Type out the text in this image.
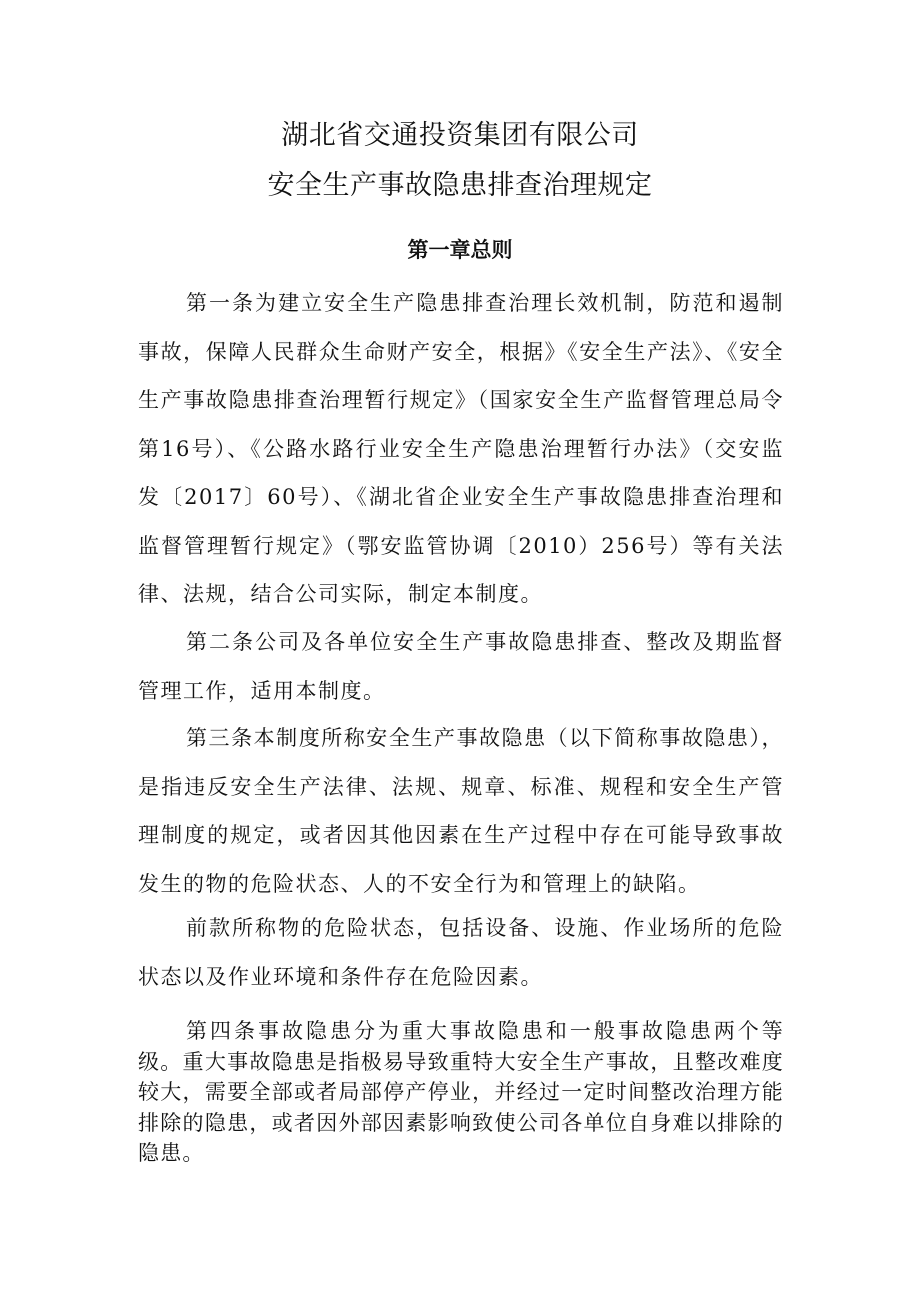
湖北省交通投资集团有限公司
安全生产事故隐患排查治理规定
第一章总则

第一条为建立安全生产隐患排查治理长效机制，防范和遏制事故，保障人民群众生命财产安全，根据》《安全生产法》、《安全生产事故隐患排查治理暂行规定》（国家安全生产监督管理总局令第16号）、《公路水路行业安全生产隐患治理暂行办法》（交安监发〔2017〕60号）、《湖北省企业安全生产事故隐患排查治理和监督管理暂行规定》（鄂安监管协调〔2010）256号）等有关法律、法规，结合公司实际，制定本制度。

第二条公司及各单位安全生产事故隐患排查、整改及期监督管理工作，适用本制度。

第三条本制度所称安全生产事故隐患（以下简称事故隐患），是指违反安全生产法律、法规、规章、标准、规程和安全生产管理制度的规定，或者因其他因素在生产过程中存在可能导致事故发生的物的危险状态、人的不安全行为和管理上的缺陷。

前款所称物的危险状态，包括设备、设施、作业场所的危险状态以及作业环境和条件存在危险因素。

第四条事故隐患分为重大事故隐患和一般事故隐患两个等级。重大事故隐患是指极易导致重特大安全生产事故，且整改难度较大，需要全部或者局部停产停业，并经过一定时间整改治理方能排除的隐患，或者因外部因素影响致使公司各单位自身难以排除的隐患。
